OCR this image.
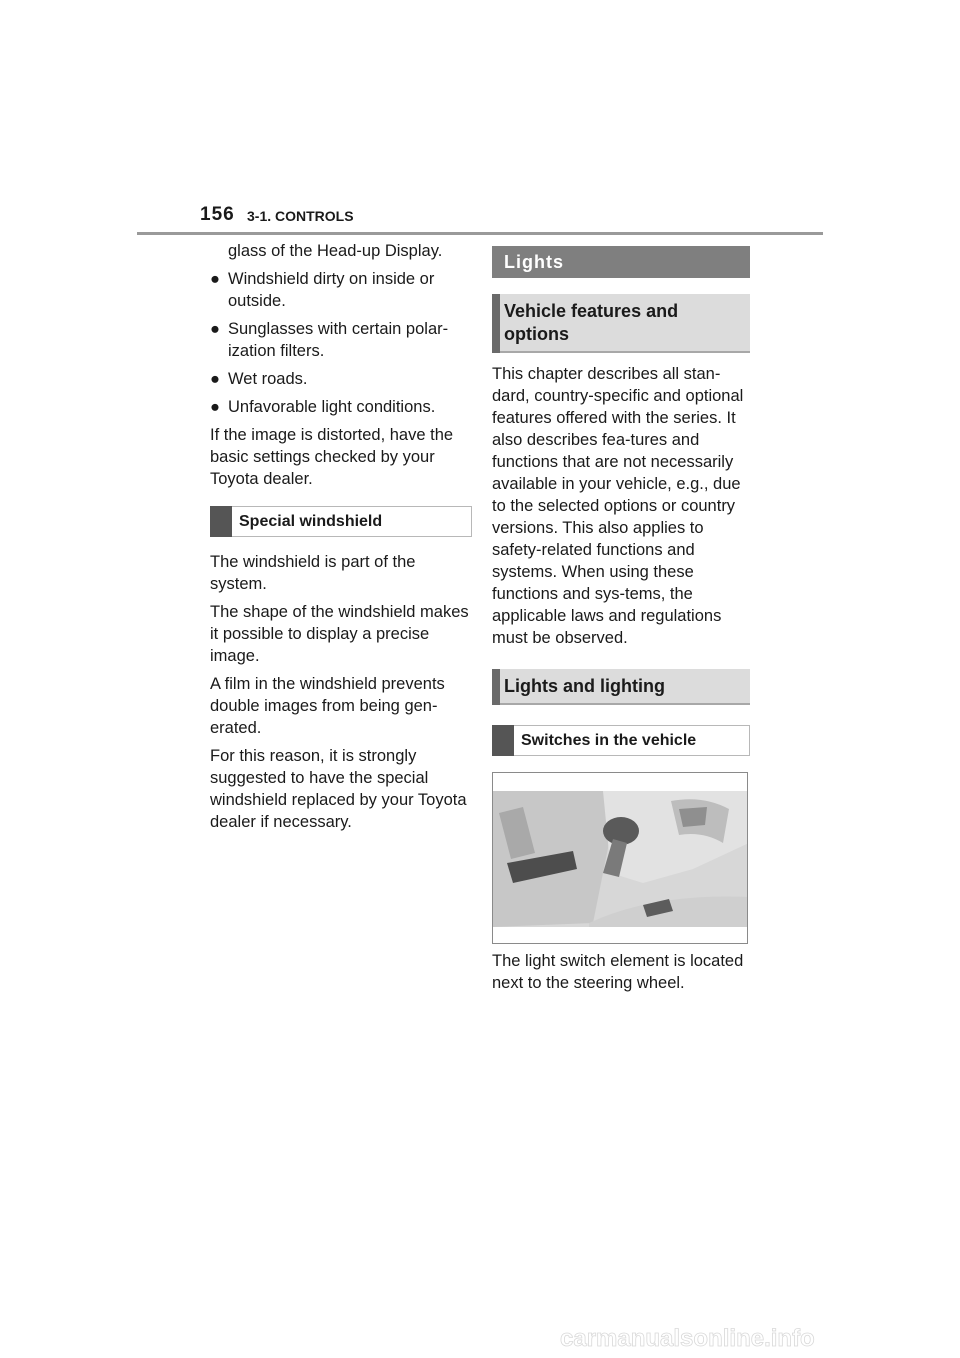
156 3-1. CONTROLS
glass of the Head-up Display.
● Windshield dirty on inside or outside.
● Sunglasses with certain polar-ization filters.
● Wet roads.
● Unfavorable light conditions.

If the image is distorted, have the basic settings checked by your Toyota dealer.

Special windshield

The windshield is part of the system.

The shape of the windshield makes it possible to display a precise image.

A film in the windshield prevents double images from being gen-erated.

For this reason, it is strongly suggested to have the special windshield replaced by your Toyota dealer if necessary.

Lights
Vehicle features and options

This chapter describes all stan-dard, country-specific and optional features offered with the series. It also describes fea-tures and functions that are not necessarily available in your vehicle, e.g., due to the selected options or country versions. This also applies to safety-related functions and systems. When using these functions and sys-tems, the applicable laws and regulations must be observed.

Lights and lighting
Switches in the vehicle

The light switch element is located next to the steering wheel.

carmanualsonline.info
